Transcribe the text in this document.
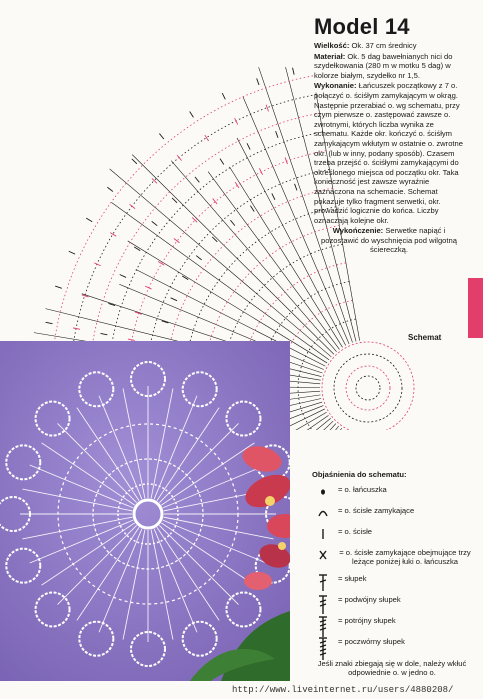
Model 14

Wielkość: Ok. 37 cm średnicy

Materiał: Ok. 5 dag bawełnianych nici do szydełkowania (280 m w motku 5 dag) w kolorze białym, szydełko nr 1,5.

Wykonanie: Łańcuszek początkowy z 7 o. połączyć o. ściśłym zamykającym w okrąg. Następnie przerabiać o. wg schematu, przy czym pierwsze o. zastępować zawsze o. zwrotnymi, których liczba wynika ze schematu. Każde okr. kończyć o. ściśłym zamykającym wkłutym w ostatnie o. zwrotne okr. (lub w inny, podany sposób). Czasem trzeba przejść o. ściśłymi zamykającymi do określonego miejsca od początku okr. Taka konieczność jest zawsze wyraźnie zaznaczona na schemacie. Schemat pokazuje tylko fragment serwetki, okr. prowadzić logicznie do końca. Liczby oznaczają kolejne okr.

Wykończenie: Serwetke napiąć i pozostawić do wyschnięcia pod wilgotną ściereczką.

Schemat
Objaśnienia do schematu:
= o. łańcuszka
= o. ścisłe zamykające
= o. ścisłe
= o. ścisłe zamykające obejmujące trzy leżące poniżej łuki o. łańcuszka
= słupek
= podwójny słupek
= potrójny słupek
= poczwórny słupek
Jeśli znaki zbiegają się w dole, należy wkłuć odpowiednie o. w jedno o.
http://www.liveinternet.ru/users/4880208/
